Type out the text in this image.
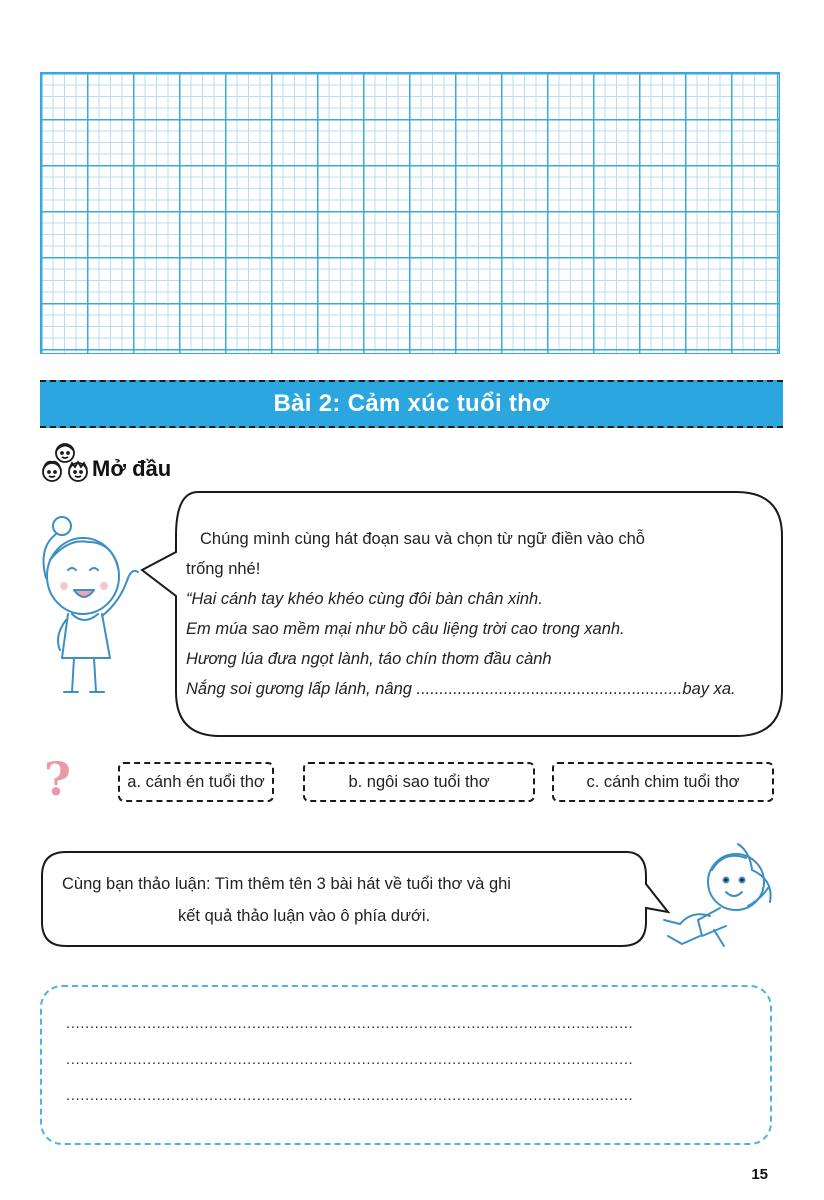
Bài 2: Cảm xúc tuổi thơ
Mở đầu

Chúng mình cùng hát đoạn sau và chọn từ ngữ điền vào chỗ

trống nhé!

“Hai cánh tay khéo khéo cùng đôi bàn chân xinh.

Em múa sao mềm mại như bồ câu liệng trời cao trong xanh.

Hương lúa đưa ngọt lành, táo chín thơm đầu cành

Nắng soi gương lấp lánh, nâng ..........................................................bay xa.

?	a. cánh én tuổi thơ	b. ngôi sao tuổi thơ	c. cánh chim tuổi thơ

Cùng bạn thảo luận: Tìm thêm tên 3 bài hát về tuổi thơ và ghi

kết quả thảo luận vào ô phía dưới.

.......................................................................................................................
.......................................................................................................................
.......................................................................................................................
15
